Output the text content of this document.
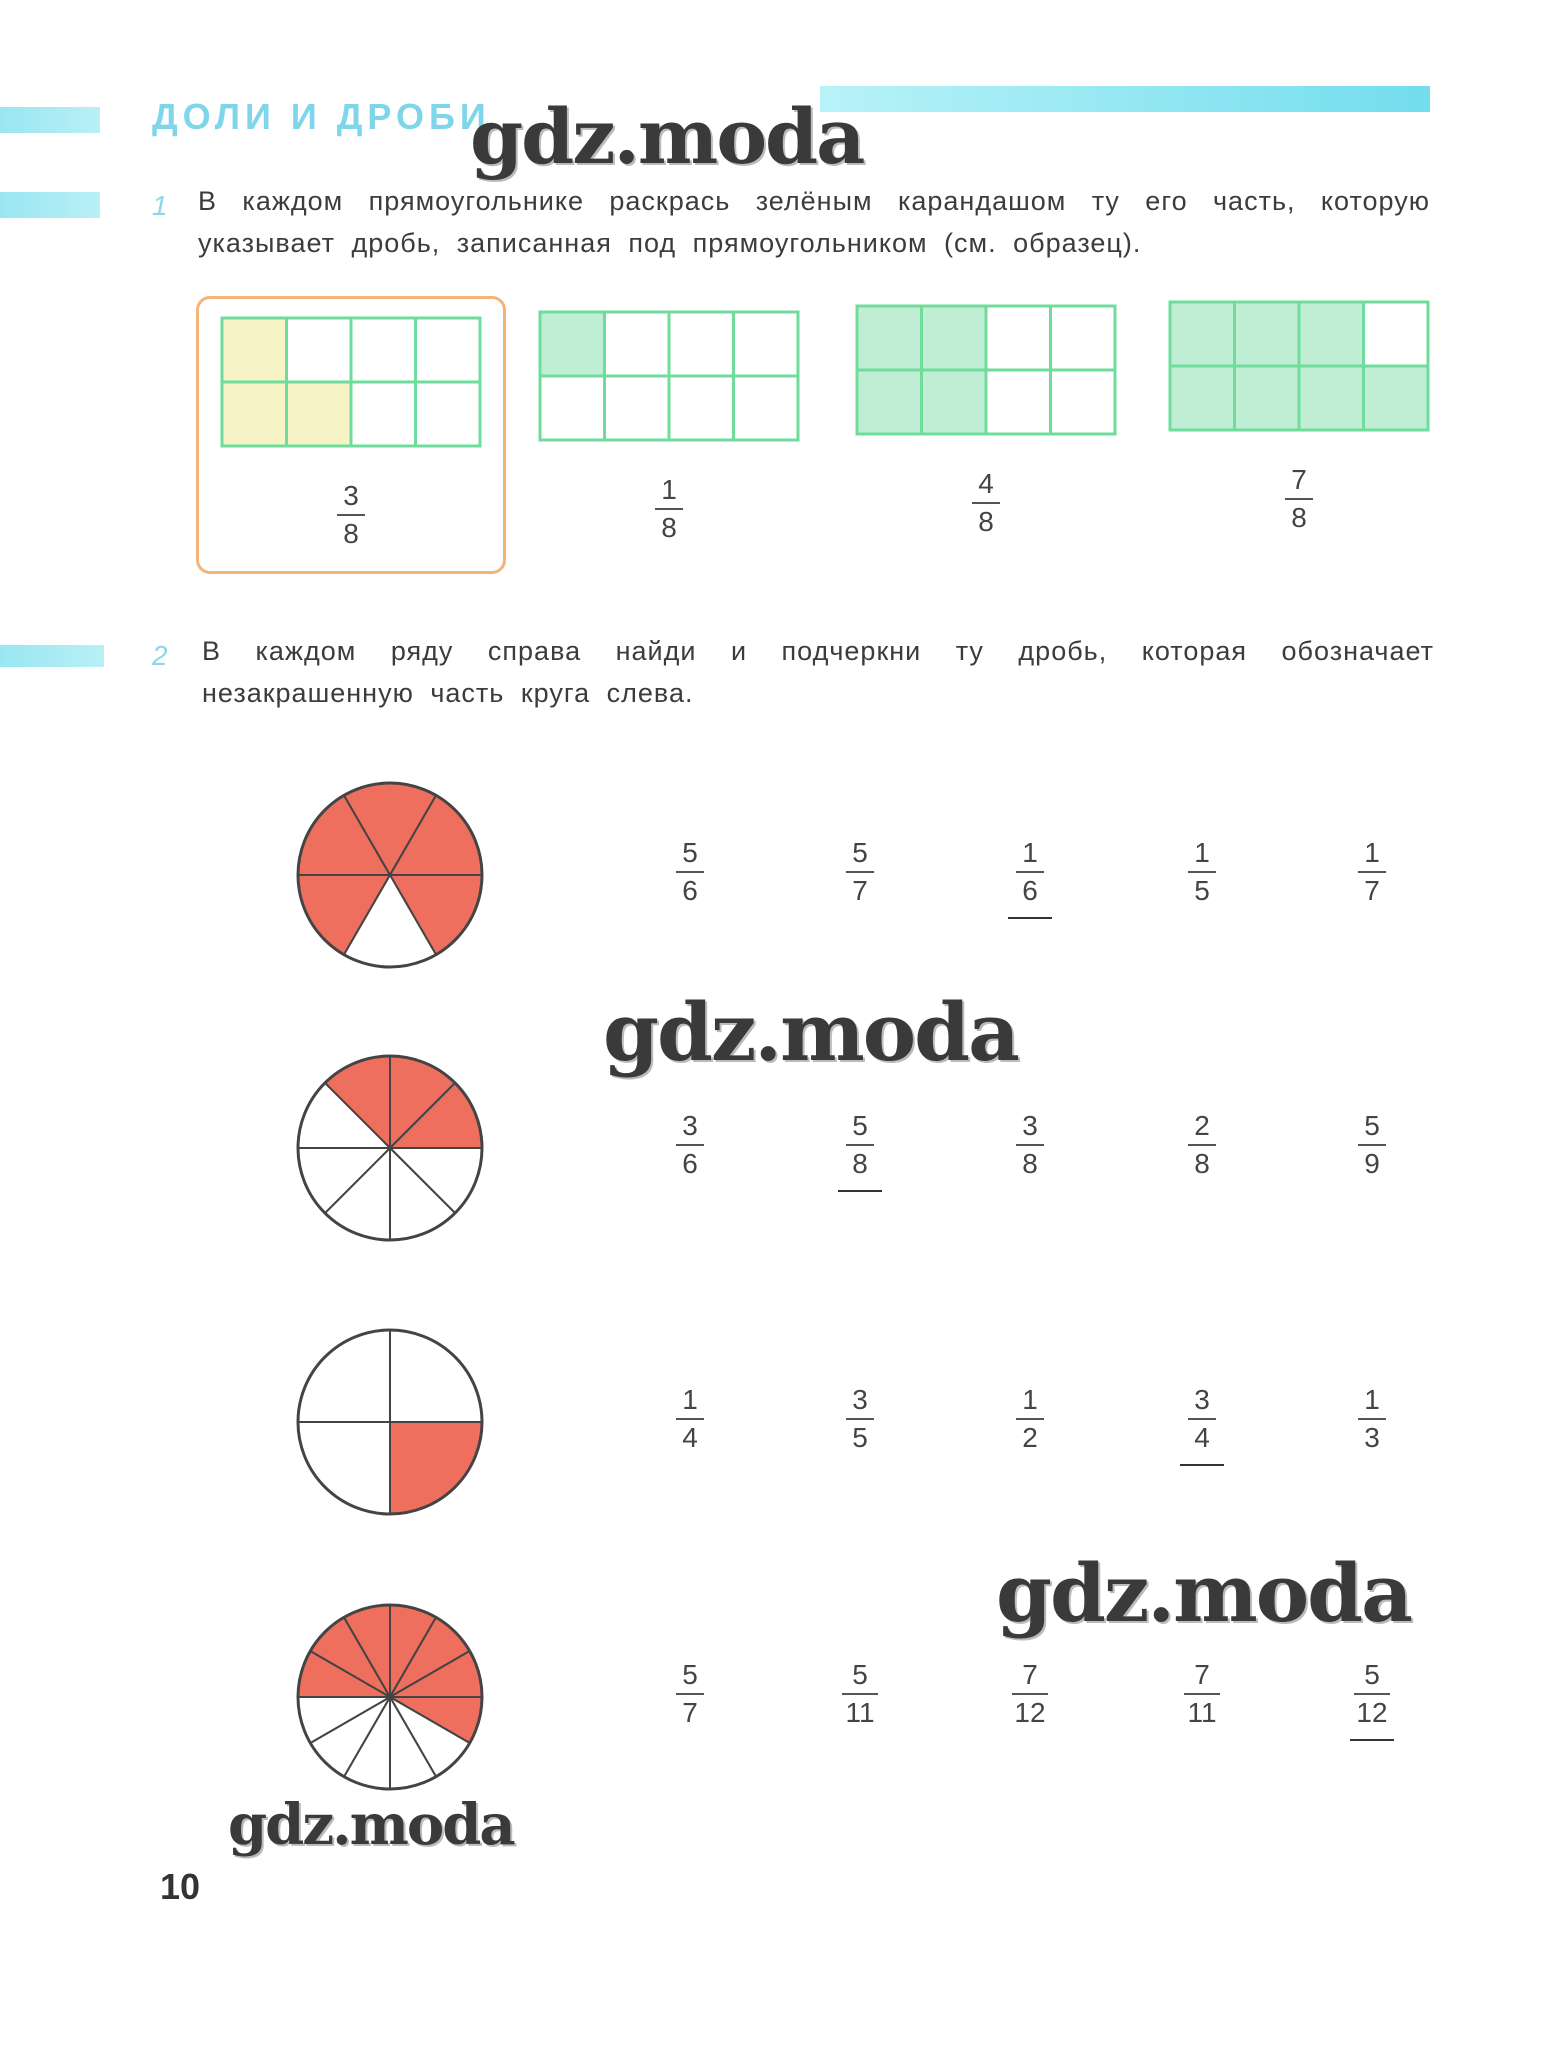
ДОЛИ И ДРОБИ
gdz.moda
gdz.moda
gdz.moda
gdz.moda
1 В каждом прямоугольнике раскрась зелёным карандашом ту его часть, которую указывает дробь, записанная под прямоугольником (см. образец).
3
8
1
8
4
8
7
8
2 В каждом ряду справа найди и подчеркни ту дробь, которая обозначает незакрашенную часть круга слева.
5
6
5
7
1
6
1
5
1
7
3
6
5
8
3
8
2
8
5
9
1
4
3
5
1
2
3
4
1
3
5
7
5
11
7
12
7
11
5
12
10
